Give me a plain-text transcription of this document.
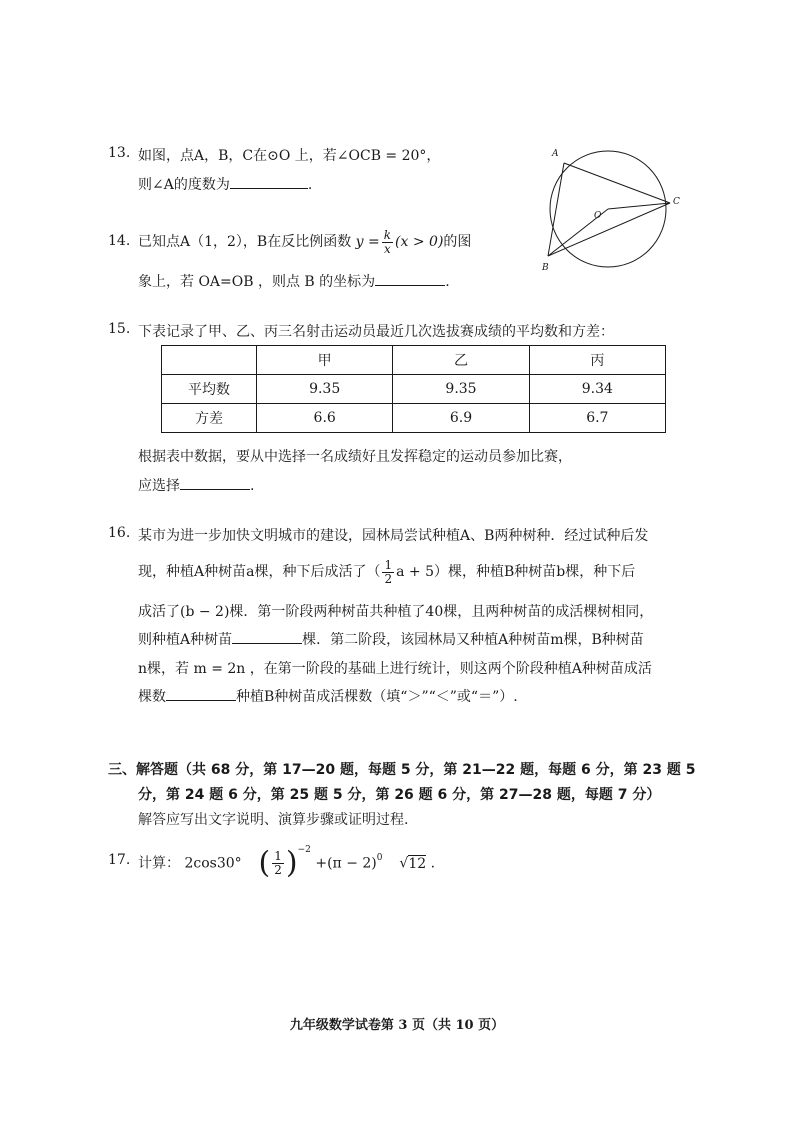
13. 如图，点A，B，C在⊙O 上，若∠OCB = 20°，
则∠A的度数为	.
A
B
C
O
14. 已知点A（1，2），B在反比例函数 $y = \frac{k}{x} (x > 0)$的图
象上，若 OA=OB ，则点 B 的坐标为	.
15. 下表记录了甲、乙、丙三名射击运动员最近几次选拔赛成绩的平均数和方差：
	甲	乙	丙
平均数	9.35	9.35	9.34
方差	6.6	6.9	6.7
根据表中数据，要从中选择一名成绩好且发挥稳定的运动员参加比赛，
应选择	.
16. 某市为进一步加快文明城市的建设，园林局尝试种植A、B两种树种．经过试种后发
现，种植A种树苗a棵，种下后成活了（ $\frac{1}{2}$ a + 5）棵，种植B种树苗b棵，种下后
成活了(b − 2)棵．第一阶段两种树苗共种植了40棵，且两种树苗的成活棵树相同，
则种植A种树苗	棵．第二阶段，该园林局又种植A种树苗m棵，B种树苗
n棵，若 m = 2n ，在第一阶段的基础上进行统计，则这两个阶段种植A种树苗成活
棵数	种植B种树苗成活棵数（填“＞”“＜”或“＝”）.
三、解答题（共 68 分，第 17—20 题，每题 5 分，第 21—22 题，每题 6 分，第 23 题 5
分，第 24 题 6 分，第 25 题 5 分，第 26 题 6 分，第 27—28 题，每题 7 分）
解答应写出文字说明、演算步骤或证明过程.
17. 计算： 2cos30° ( $\frac{1}{2} )^{-2} +(\pi - 2)^0$ √12 .
九年级数学试卷第 3 页（共 10 页）
